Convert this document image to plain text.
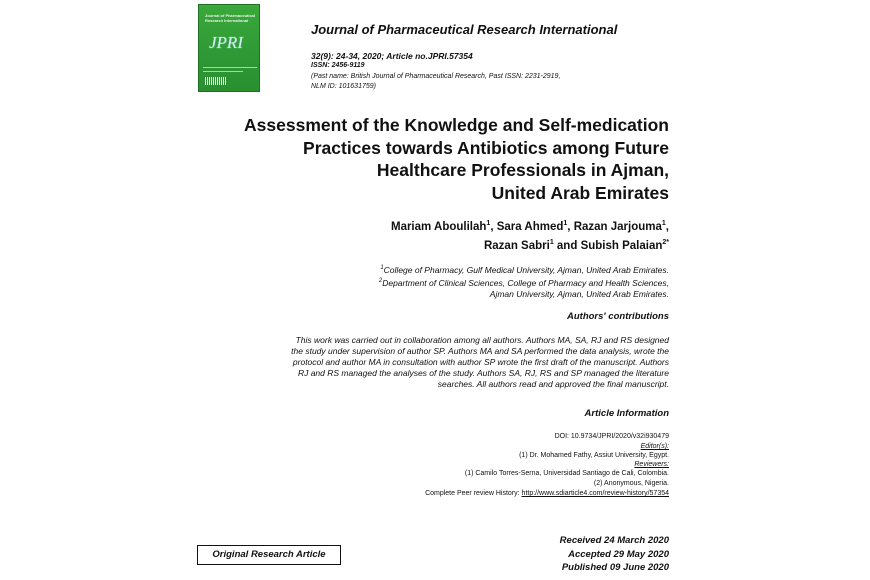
Journal of Pharmaceutical Research International
JPRI
Journal of Pharmaceutical Research International
32(9): 24-34, 2020; Article no.JPRI.57354
ISSN: 2456-9119
(Past name: British Journal of Pharmaceutical Research, Past ISSN: 2231-2919,
NLM ID: 101631759)
Assessment of the Knowledge and Self-medication
Practices towards Antibiotics among Future
Healthcare Professionals in Ajman,
United Arab Emirates
Mariam Aboulilah$^1$, Sara Ahmed$^1$, Razan Jarjouma$^1$,
Razan Sabri$^1$ and Subish Palaian$^{2*}$
$^1$College of Pharmacy, Gulf Medical University, Ajman, United Arab Emirates.
$^2$Department of Clinical Sciences, College of Pharmacy and Health Sciences,
Ajman University, Ajman, United Arab Emirates.
Authors' contributions
This work was carried out in collaboration among all authors. Authors MA, SA, RJ and RS designed
the study under supervision of author SP. Authors MA and SA performed the data analysis, wrote the
protocol and author MA in consultation with author SP wrote the first draft of the manuscript. Authors
RJ and RS managed the analyses of the study. Authors SA, RJ, RS and SP managed the literature
searches. All authors read and approved the final manuscript.
Article Information
DOI: 10.9734/JPRI/2020/v32i930479
Editor(s):
(1) Dr. Mohamed Fathy, Assiut University, Egypt.
Reviewers:
(1) Camilo Torres-Serna, Universidad Santiago de Cali, Colombia.
(2) Anonymous, Nigeria.
Complete Peer review History: http://www.sdiarticle4.com/review-history/57354
Original Research Article
Received 24 March 2020
Accepted 29 May 2020
Published 09 June 2020
